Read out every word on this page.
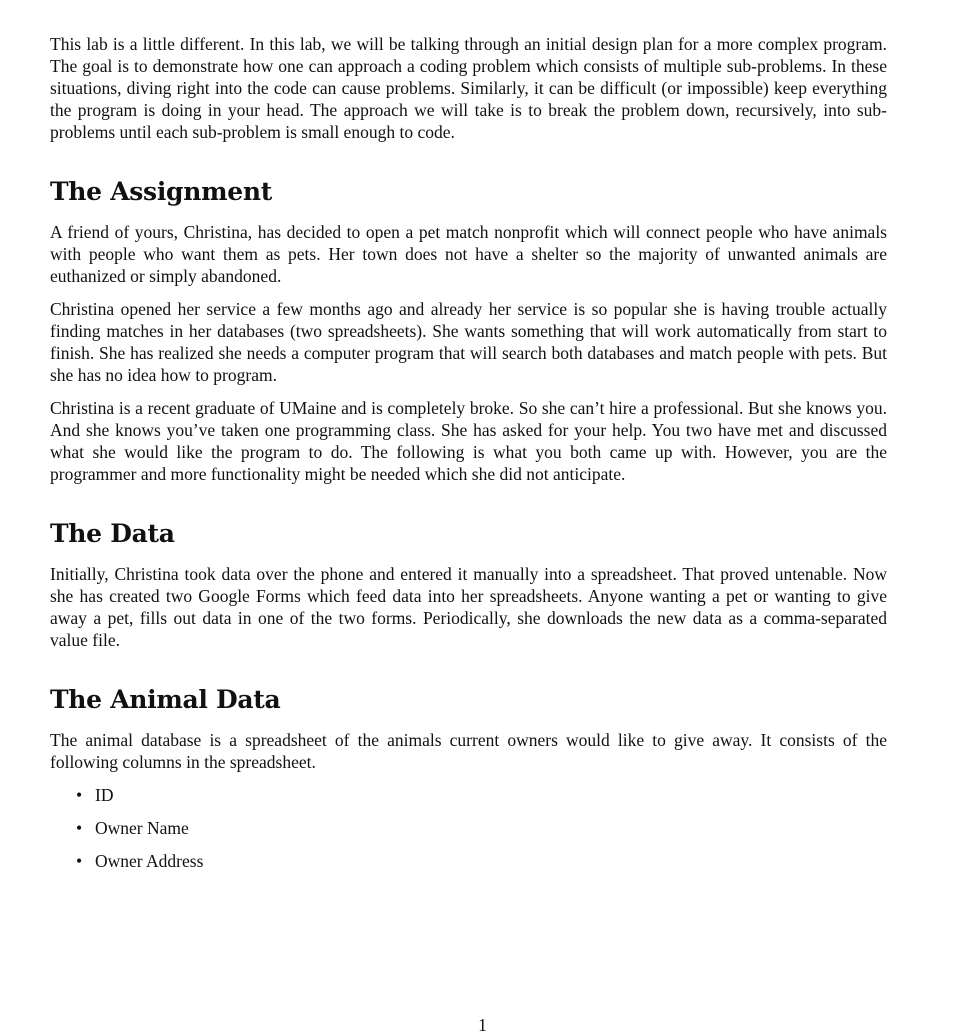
This lab is a little different. In this lab, we will be talking through an initial design plan for a more complex program. The goal is to demonstrate how one can approach a coding problem which consists of multiple sub-problems. In these situations, diving right into the code can cause problems. Similarly, it can be difficult (or impossible) keep everything the program is doing in your head. The approach we will take is to break the problem down, recursively, into sub-problems until each sub-problem is small enough to code.

The Assignment

A friend of yours, Christina, has decided to open a pet match nonprofit which will connect people who have animals with people who want them as pets. Her town does not have a shelter so the majority of unwanted animals are euthanized or simply abandoned.

Christina opened her service a few months ago and already her service is so popular she is having trouble actually finding matches in her databases (two spreadsheets). She wants something that will work automatically from start to finish. She has realized she needs a computer program that will search both databases and match people with pets. But she has no idea how to program.

Christina is a recent graduate of UMaine and is completely broke. So she can’t hire a professional. But she knows you. And she knows you’ve taken one programming class. She has asked for your help. You two have met and discussed what she would like the program to do. The following is what you both came up with. However, you are the programmer and more functionality might be needed which she did not anticipate.

The Data

Initially, Christina took data over the phone and entered it manually into a spreadsheet. That proved untenable. Now she has created two Google Forms which feed data into her spreadsheets. Anyone wanting a pet or wanting to give away a pet, fills out data in one of the two forms. Periodically, she downloads the new data as a comma-separated value file.

The Animal Data

The animal database is a spreadsheet of the animals current owners would like to give away. It consists of the following columns in the spreadsheet.

• ID
• Owner Name
• Owner Address
1
